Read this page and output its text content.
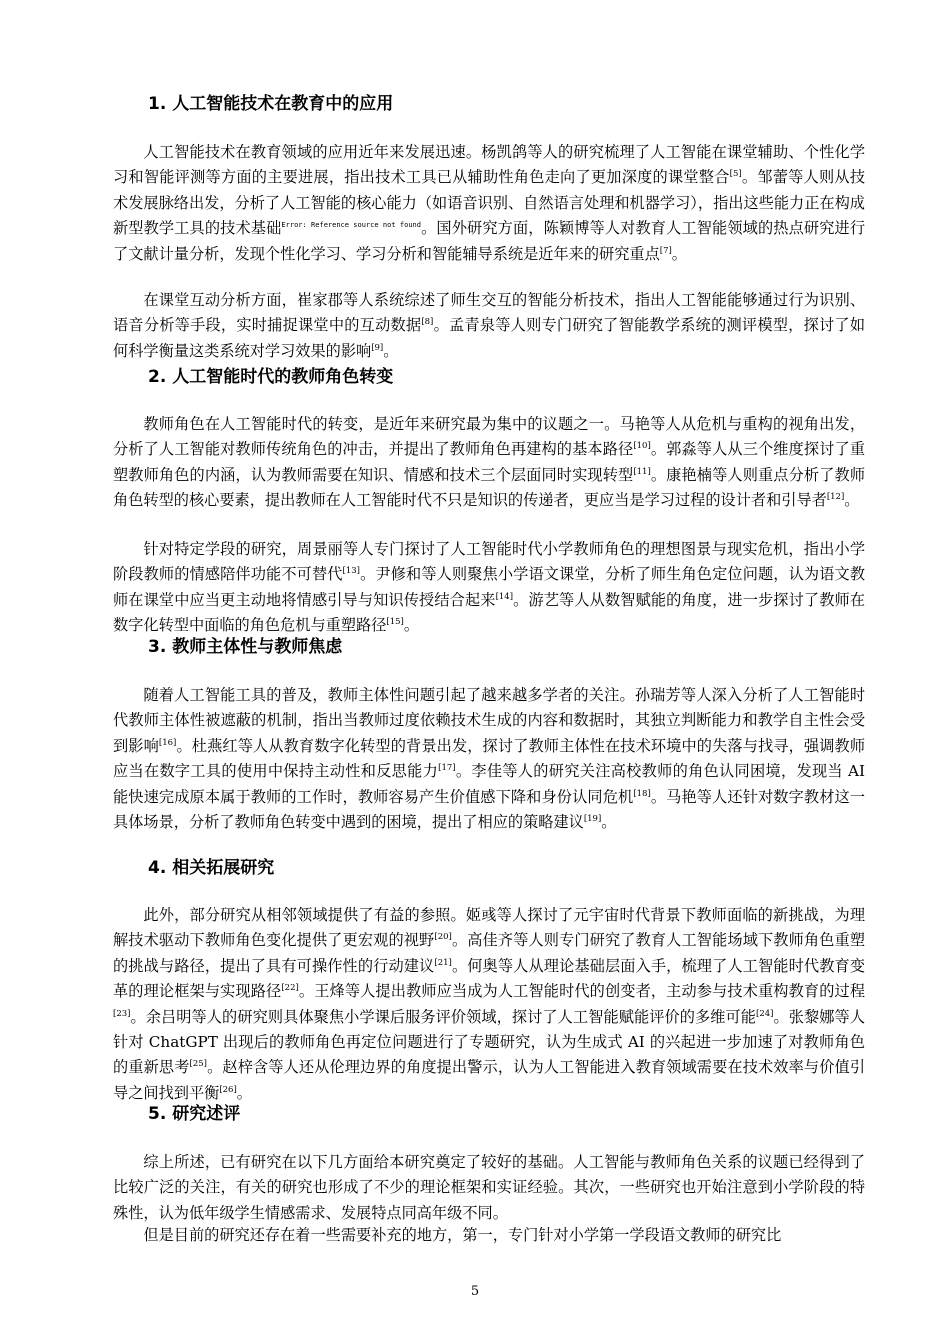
1. 人工智能技术在教育中的应用

人工智能技术在教育领域的应用近年来发展迅速。杨凯鸽等人的研究梳理了人工智能在课堂辅助、个性化学习和智能评测等方面的主要进展，指出技术工具已从辅助性角色走向了更加深度的课堂整合[5]。邹蕾等人则从技术发展脉络出发，分析了人工智能的核心能力（如语音识别、自然语言处理和机器学习），指出这些能力正在构成新型教学工具的技术基础$^{Error: Reference source not found}$。国外研究方面，陈颖博等人对教育人工智能领域的热点研究进行了文献计量分析，发现个性化学习、学习分析和智能辅导系统是近年来的研究重点[7]。

在课堂互动分析方面，崔家郡等人系统综述了师生交互的智能分析技术，指出人工智能能够通过行为识别、语音分析等手段，实时捕捉课堂中的互动数据[8]。孟青泉等人则专门研究了智能教学系统的测评模型，探讨了如何科学衡量这类系统对学习效果的影响[9]。

2. 人工智能时代的教师角色转变

教师角色在人工智能时代的转变，是近年来研究最为集中的议题之一。马艳等人从危机与重构的视角出发，分析了人工智能对教师传统角色的冲击，并提出了教师角色再建构的基本路径[10]。郭淼等人从三个维度探讨了重塑教师角色的内涵，认为教师需要在知识、情感和技术三个层面同时实现转型[11]。康艳楠等人则重点分析了教师角色转型的核心要素，提出教师在人工智能时代不只是知识的传递者，更应当是学习过程的设计者和引导者[12]。

针对特定学段的研究，周景丽等人专门探讨了人工智能时代小学教师角色的理想图景与现实危机，指出小学阶段教师的情感陪伴功能不可替代[13]。尹修和等人则聚焦小学语文课堂，分析了师生角色定位问题，认为语文教师在课堂中应当更主动地将情感引导与知识传授结合起来[14]。游艺等人从数智赋能的角度，进一步探讨了教师在数字化转型中面临的角色危机与重塑路径[15]。

3. 教师主体性与教师焦虑

随着人工智能工具的普及，教师主体性问题引起了越来越多学者的关注。孙瑞芳等人深入分析了人工智能时代教师主体性被遮蔽的机制，指出当教师过度依赖技术生成的内容和数据时，其独立判断能力和教学自主性会受到影响[16]。杜燕红等人从教育数字化转型的背景出发，探讨了教师主体性在技术环境中的失落与找寻，强调教师应当在数字工具的使用中保持主动性和反思能力[17]。李佳等人的研究关注高校教师的角色认同困境，发现当 AI 能快速完成原本属于教师的工作时，教师容易产生价值感下降和身份认同危机[18]。马艳等人还针对数字教材这一具体场景，分析了教师角色转变中遇到的困境，提出了相应的策略建议[19]。

4. 相关拓展研究

此外，部分研究从相邻领域提供了有益的参照。姬彧等人探讨了元宇宙时代背景下教师面临的新挑战，为理解技术驱动下教师角色变化提供了更宏观的视野[20]。高佳齐等人则专门研究了教育人工智能场域下教师角色重塑的挑战与路径，提出了具有可操作性的行动建议[21]。何奥等人从理论基础层面入手，梳理了人工智能时代教育变革的理论框架与实现路径[22]。王烽等人提出教师应当成为人工智能时代的创变者，主动参与技术重构教育的过程[23]。余吕明等人的研究则具体聚焦小学课后服务评价领域，探讨了人工智能赋能评价的多维可能[24]。张黎娜等人针对 ChatGPT 出现后的教师角色再定位问题进行了专题研究，认为生成式 AI 的兴起进一步加速了对教师角色的重新思考[25]。赵梓含等人还从伦理边界的角度提出警示，认为人工智能进入教育领域需要在技术效率与价值引导之间找到平衡[26]。

5. 研究述评

综上所述，已有研究在以下几方面给本研究奠定了较好的基础。人工智能与教师角色关系的议题已经得到了比较广泛的关注，有关的研究也形成了不少的理论框架和实证经验。其次，一些研究也开始注意到小学阶段的特殊性，认为低年级学生情感需求、发展特点同高年级不同。

但是目前的研究还存在着一些需要补充的地方，第一，专门针对小学第一学段语文教师的研究比

5
